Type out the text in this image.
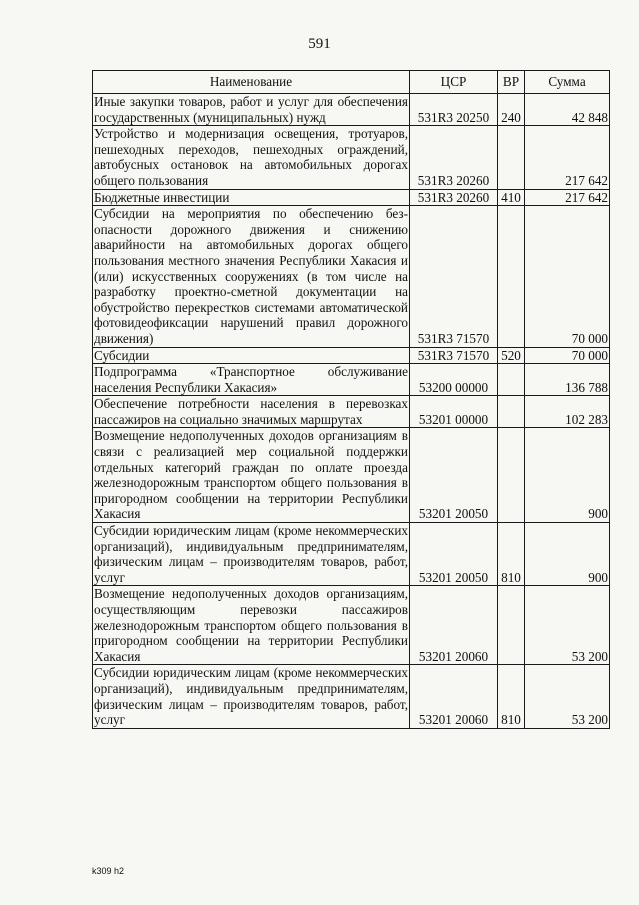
591
Наименование	ЦСР	ВР	Сумма
Иные закупки товаров, работ и услуг для обеспечения государственных (муниципальных) нужд	531R3 20250	240	42 848
Устройство и модернизация освещения, тротуаров, пешеходных переходов, пешеходных ограждений, автобусных остановок на автомобильных дорогах общего пользования	531R3 20260		217 642
Бюджетные инвестиции	531R3 20260	410	217 642
Субсидии на мероприятия по обеспечению безопасности дорожного движения и снижению аварийности на автомобильных дорогах общего пользования местного значения Республики Хакасия и (или) искусственных сооружениях (в том числе на разработку проектно-сметной документации на обустройство перекрестков системами автоматической фотовидеофиксации нарушений правил дорожного движения)	531R3 71570		70 000
Субсидии	531R3 71570	520	70 000
Подпрограмма «Транспортное обслуживание населения Республики Хакасия»	53200 00000		136 788
Обеспечение потребности населения в перевозках пассажиров на социально значимых маршрутах	53201 00000		102 283
Возмещение недополученных доходов организациям в связи с реализацией мер социальной поддержки отдельных категорий граждан по оплате проезда железнодорожным транспортом общего пользования в пригородном сообщении на территории Республики Хакасия	53201 20050		900
Субсидии юридическим лицам (кроме некоммерческих организаций), индивидуальным предпринимателям, физическим лицам – производителям товаров, работ, услуг	53201 20050	810	900
Возмещение недополученных доходов организациям, осуществляющим перевозки пассажиров железнодорожным транспортом общего пользования в пригородном сообщении на территории Республики Хакасия	53201 20060		53 200
Субсидии юридическим лицам (кроме некоммерческих организаций), индивидуальным предпринимателям, физическим лицам – производителям товаров, работ, услуг	53201 20060	810	53 200
k309 h2
